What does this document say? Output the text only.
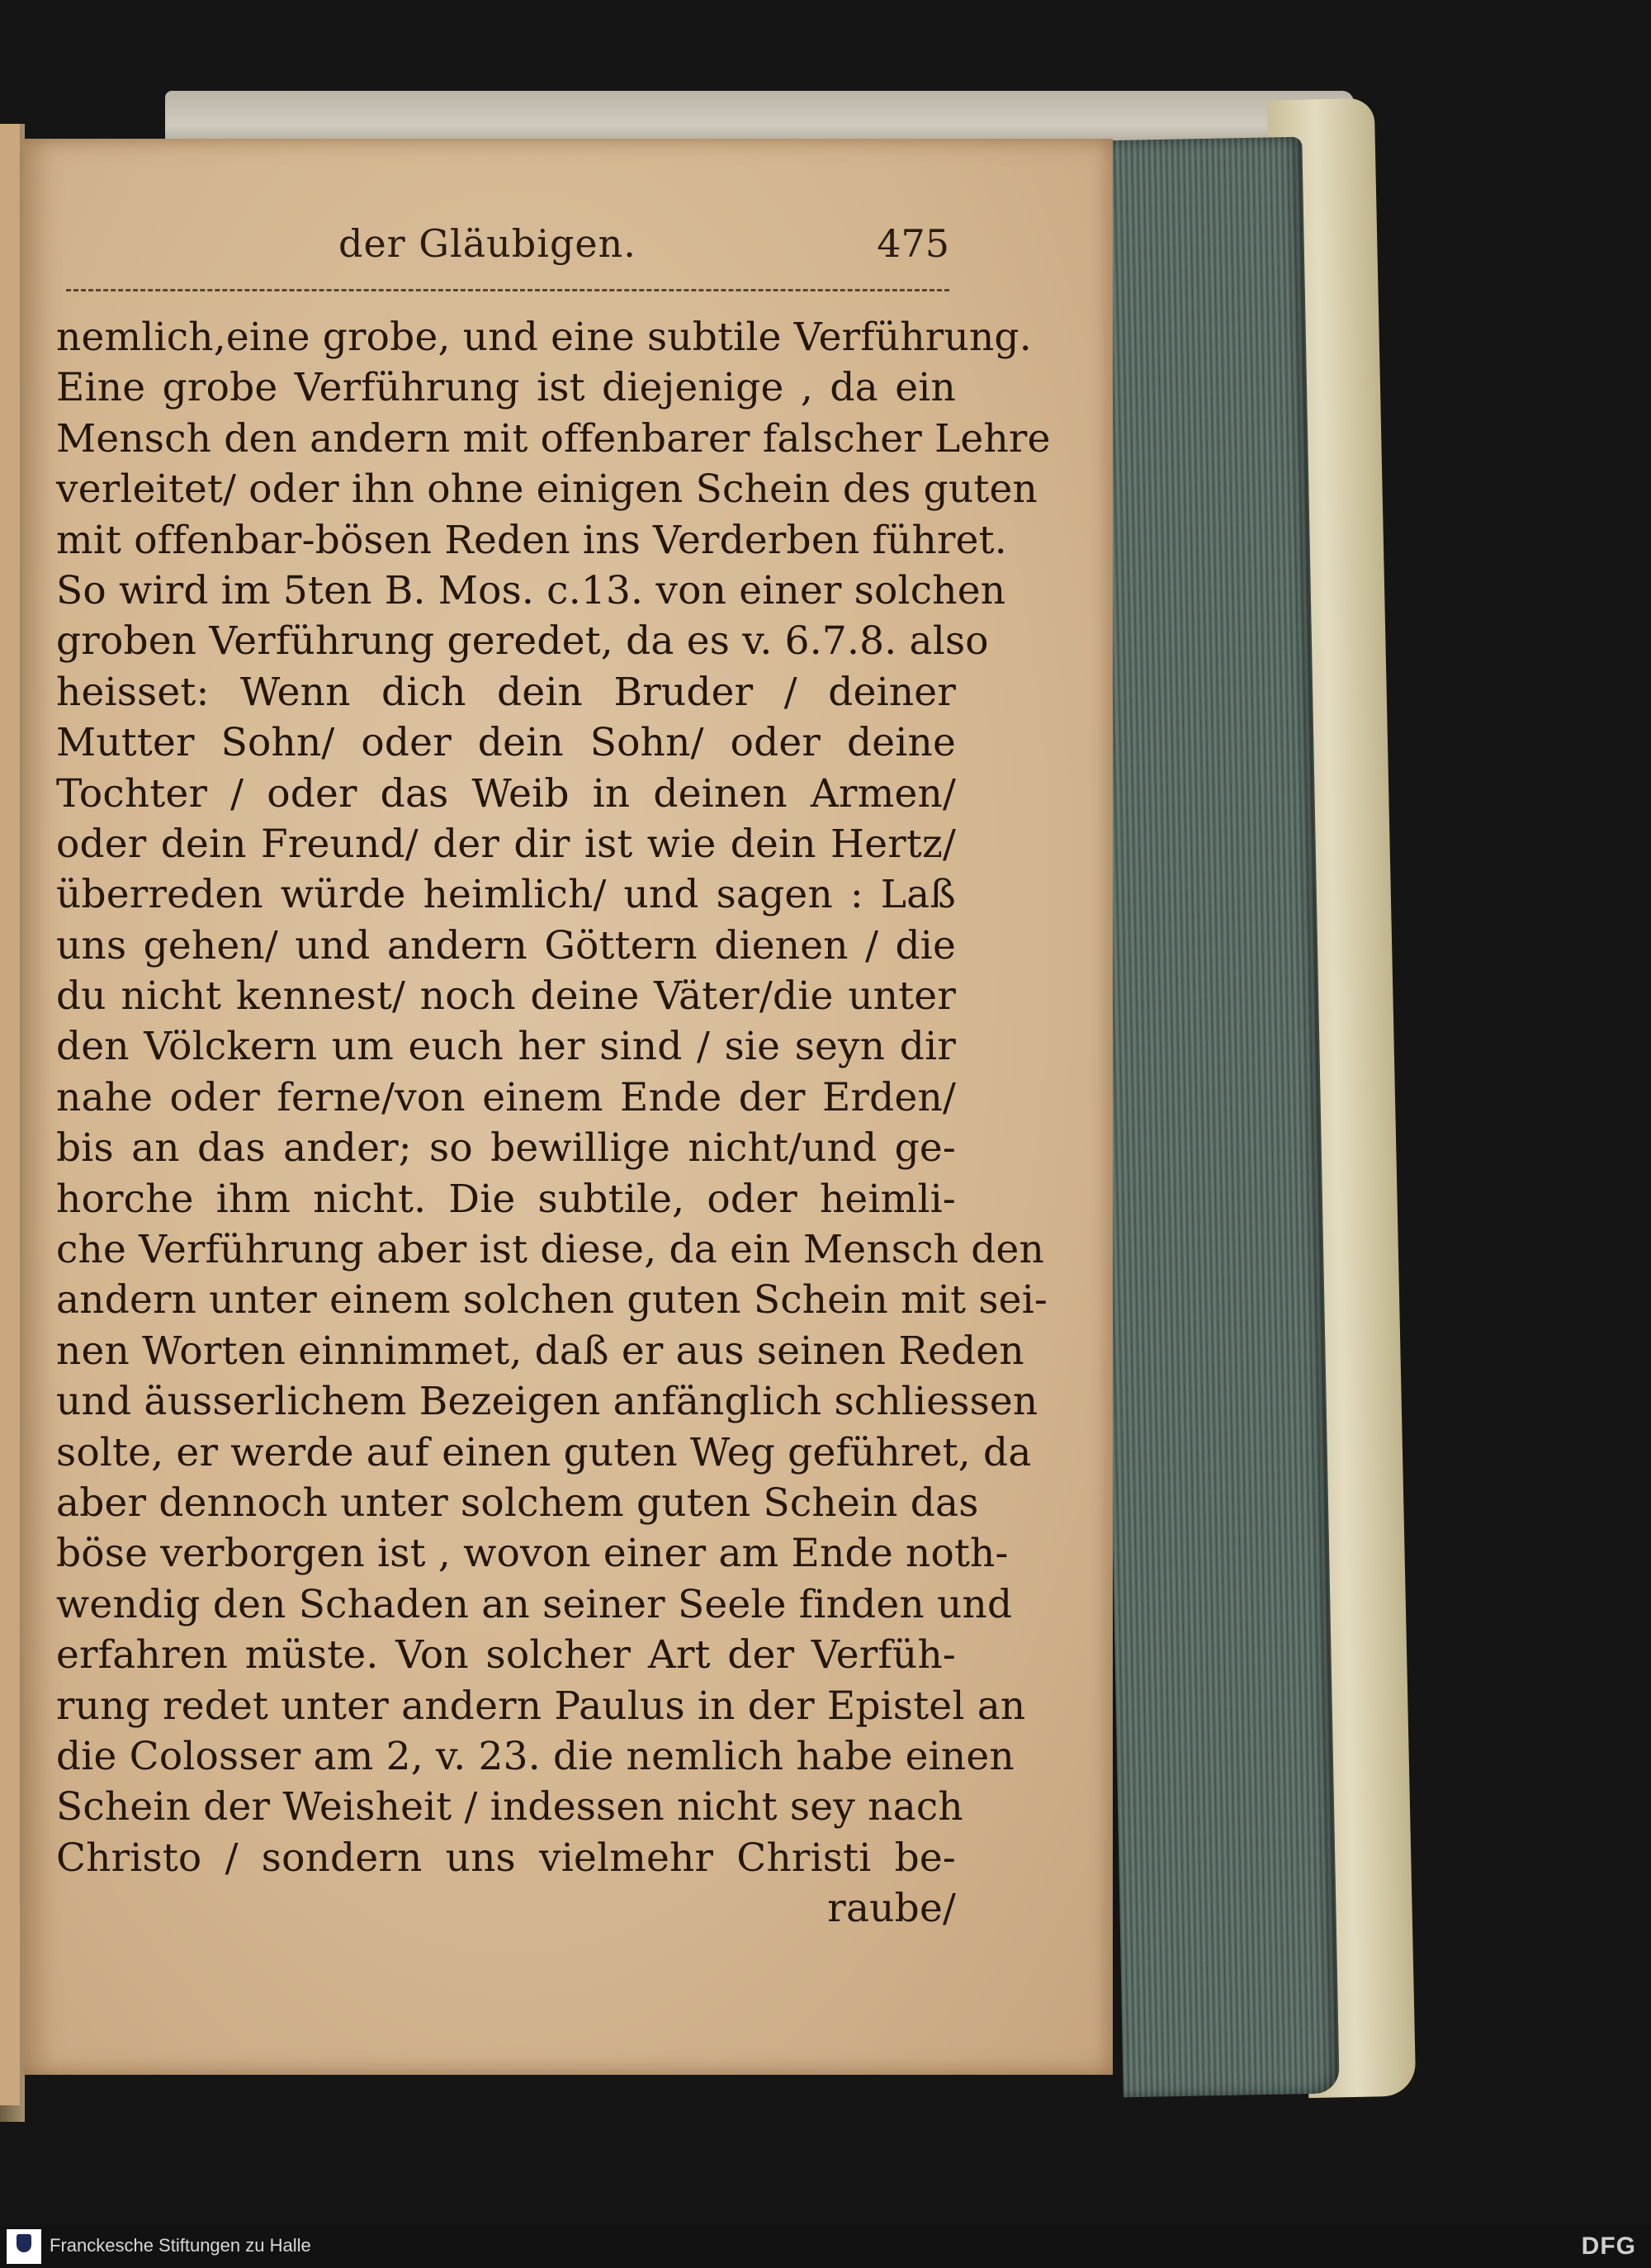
der Gläubigen.	475
nemlich,eine grobe, und eine subtile Verführung.
Eine grobe Verführung ist diejenige , da ein
Mensch den andern mit offenbarer falscher Lehre
verleitet/ oder ihn ohne einigen Schein des guten
mit offenbar-bösen Reden ins Verderben führet.
So wird im 5ten B. Mos. c.13. von einer solchen
groben Verführung geredet, da es v. 6.7.8. also
heisset: Wenn dich dein Bruder / deiner
Mutter Sohn/ oder dein Sohn/ oder deine
Tochter / oder das Weib in deinen Armen/
oder dein Freund/ der dir ist wie dein Hertz/
überreden würde heimlich/ und sagen : Laß
uns gehen/ und andern Göttern dienen / die
du nicht kennest/ noch deine Väter/die unter
den Völckern um euch her sind / sie seyn dir
nahe oder ferne/von einem Ende der Erden/
bis an das ander; so bewillige nicht/und ge-
horche ihm nicht. Die subtile, oder heimli-
che Verführung aber ist diese, da ein Mensch den
andern unter einem solchen guten Schein mit sei-
nen Worten einnimmet, daß er aus seinen Reden
und äusserlichem Bezeigen anfänglich schliessen
solte, er werde auf einen guten Weg geführet, da
aber dennoch unter solchem guten Schein das
böse verborgen ist , wovon einer am Ende noth-
wendig den Schaden an seiner Seele finden und
erfahren müste. Von solcher Art der Verfüh-
rung redet unter andern Paulus in der Epistel an
die Colosser am 2, v. 23. die nemlich habe einen
Schein der Weisheit / indessen nicht sey nach
Christo / sondern uns vielmehr Christi be-
raube/
Franckesche Stiftungen zu Halle	DFG
